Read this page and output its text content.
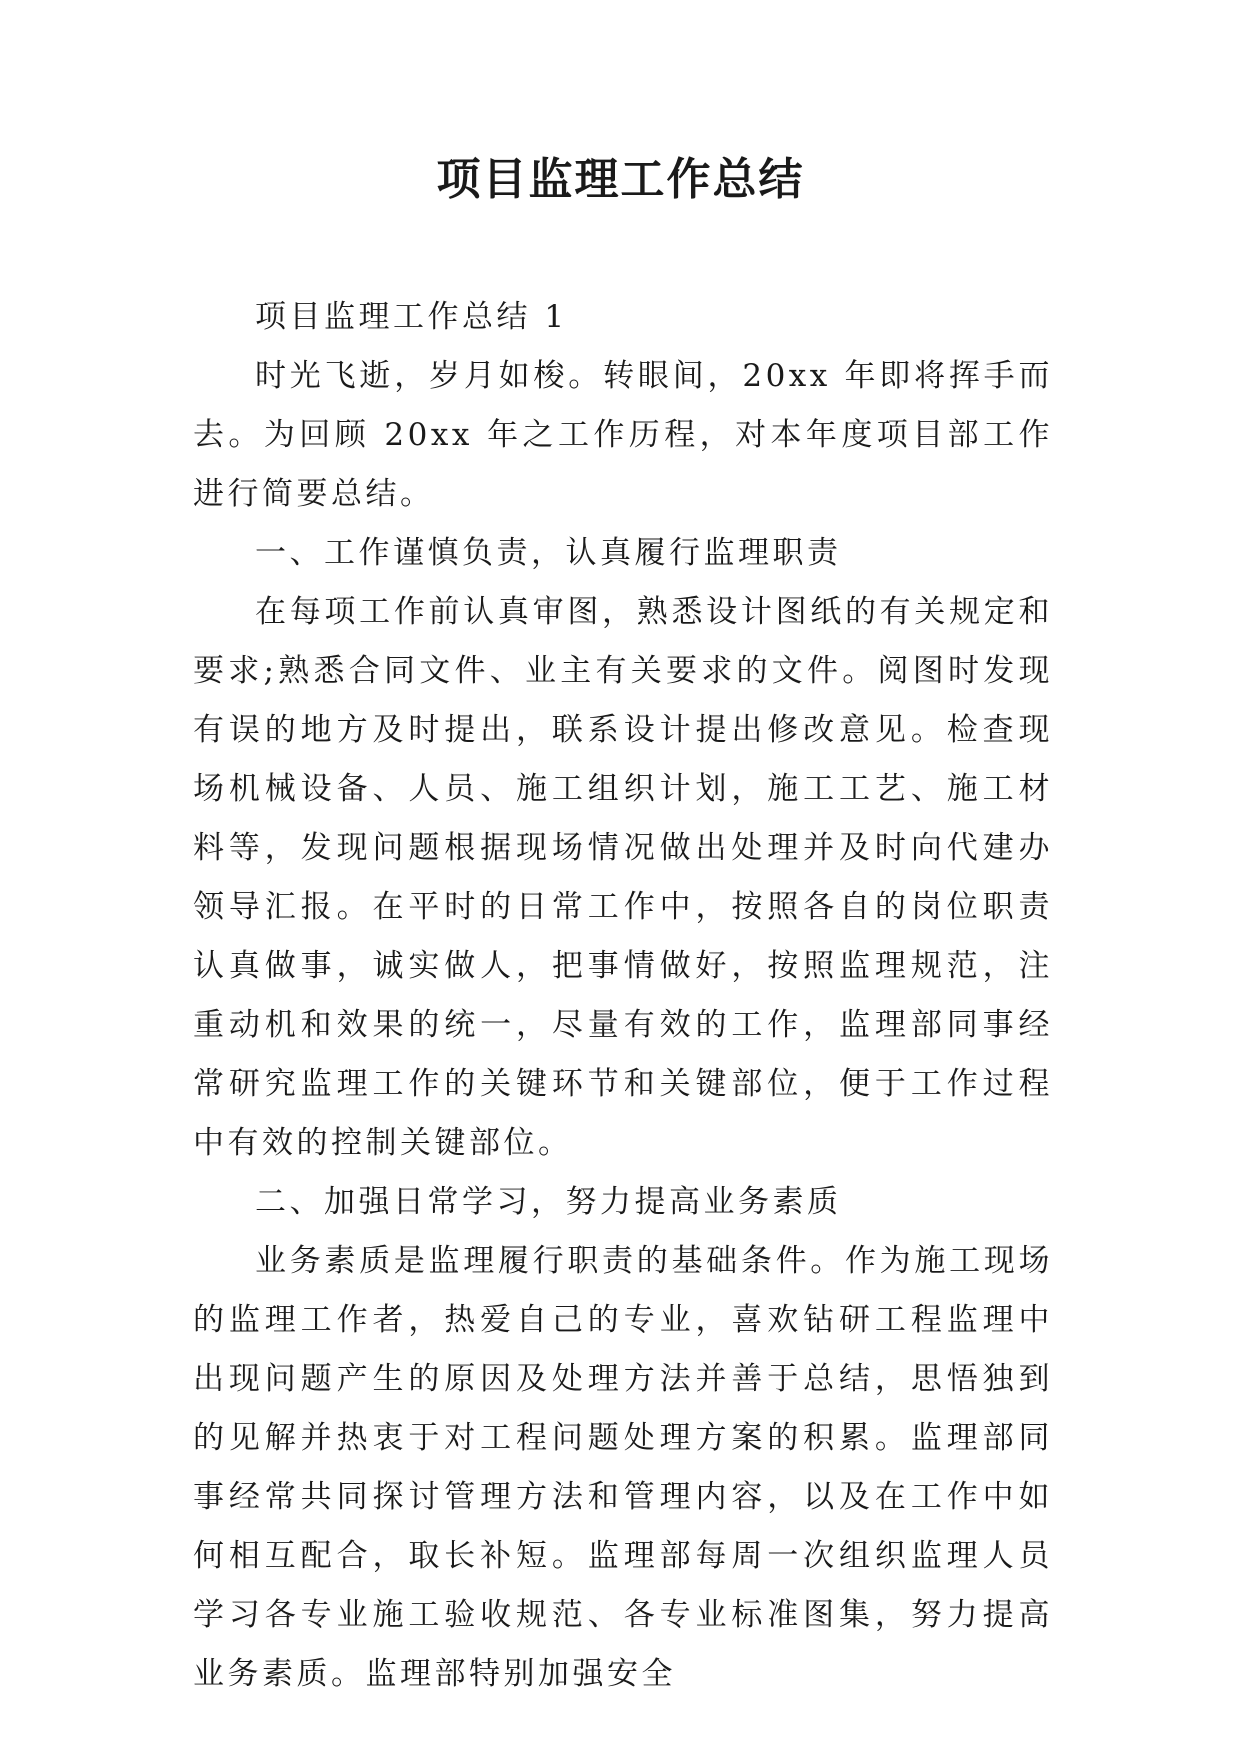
项目监理工作总结

项目监理工作总结 1

时光飞逝，岁月如梭。转眼间，20xx 年即将挥手而去。为回顾 20xx 年之工作历程，对本年度项目部工作进行简要总结。

一、工作谨慎负责，认真履行监理职责

在每项工作前认真审图，熟悉设计图纸的有关规定和要求;熟悉合同文件、业主有关要求的文件。阅图时发现有误的地方及时提出，联系设计提出修改意见。检查现场机械设备、人员、施工组织计划，施工工艺、施工材料等，发现问题根据现场情况做出处理并及时向代建办领导汇报。在平时的日常工作中，按照各自的岗位职责认真做事，诚实做人，把事情做好，按照监理规范，注重动机和效果的统一，尽量有效的工作，监理部同事经常研究监理工作的关键环节和关键部位，便于工作过程中有效的控制关键部位。

二、加强日常学习，努力提高业务素质

业务素质是监理履行职责的基础条件。作为施工现场的监理工作者，热爱自己的专业，喜欢钻研工程监理中出现问题产生的原因及处理方法并善于总结，思悟独到的见解并热衷于对工程问题处理方案的积累。监理部同事经常共同探讨管理方法和管理内容，以及在工作中如何相互配合，取长补短。监理部每周一次组织监理人员学习各专业施工验收规范、各专业标准图集，努力提高业务素质。监理部特别加强安全
